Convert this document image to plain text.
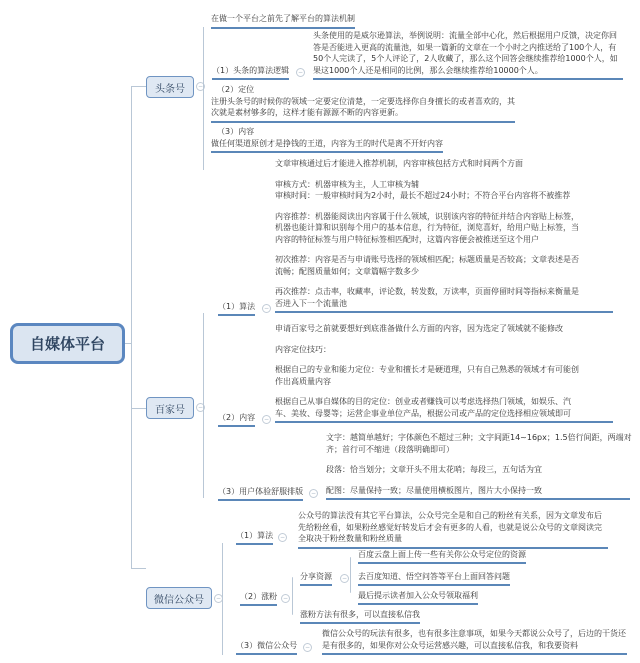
自媒体平台
在做一个平台之前先了解平台的算法机制
头条号	−
（1）头条的算法逻辑	−
头条使用的是威尔逊算法，举例说明：流量全部中心化，然后根据用户反馈，决定你回
答是否能进入更高的流量池，如果一篇新的文章在一个小时之内推送给了100个人，有
50个人完读了，5个人评论了，2人收藏了，那么这个回答会继续推荐给1000个人，如
果这1000个人还是相同的比例，那么会继续推荐给10000个人。
（2）定位
注册头条号的时候你的领域一定要定位清楚，一定要选择你自身擅长的或者喜欢的，其
次就是素材够多的，这样才能有源源不断的内容更新。
（3）内容
做任何渠道原创才是挣钱的王道，内容为王的时代是离不开好内容
百家号	−
（1）算法	−
文章审核通过后才能进入推荐机制，内容审核包括方式和时间两个方面
审核方式：机器审核为主，人工审核为辅
审核时间：一般审核时间为2小时，最长不超过24小时；不符合平台内容将不被推荐
内容推荐：机器能阅读出内容属于什么领域，识别该内容的特征并结合内容贴上标签，
机器也能计算和识别每个用户的基本信息，行为特征，浏览喜好，给用户贴上标签，当
内容的特征标签与用户特征标签相匹配时，这篇内容便会被推送至这个用户
初次推荐：内容是否与申请账号选择的领域相匹配；标题质量是否较高；文章表述是否
流畅；配图质量如何；文章篇幅字数多少
再次推荐：点击率，收藏率，评论数，转发数，万读率，页面停留时间等指标来衡量是
否进入下一个流量池
（2）内容	−
申请百家号之前就要想好到底准备做什么方面的内容，因为选定了领域就不能修改
内容定位技巧：
根据自己的专业和能力定位：专业和擅长才是硬道理，只有自己熟悉的领域才有可能创
作出高质量内容
根据自己从事自媒体的目的定位：创业或者赚钱可以考虑选择热门领域，如娱乐、汽
车、美妆、母婴等；运营企事业单位产品，根据公司或产品的定位选择相应领域即可
（3）用户体验舒服排版	−
文字：越简单越好；字体颜色不超过三种；文字间距14~16px；1.5倍行间距，两端对
齐；首行可不缩进（段落明确即可）
段落：恰当划分；文章开头不用太花哨；每段三，五句话为宜
配图：尽量保持一致；尽量使用横板图片，图片大小保持一致
微信公众号	−
（1）算法	−
公众号的算法没有其它平台算法，公众号完全是和自己的粉丝有关系，因为文章发布后
先给粉丝看，如果粉丝感觉好转发后才会有更多的人看，也就是说公众号的文章阅读完
全取决于粉丝数量和粉丝质量
（2）涨粉 −
分享资源	−
百度云盘上面上传一些有关你公众号定位的资源
去百度知道、悟空问答等平台上面回答问题
最后提示读者加入公众号领取福利
涨粉方法有很多，可以直接私信我
（3）微信公众号	−
微信公众号的玩法有很多，也有很多注意事项，如果今天都说公众号了，后边的干货还
是有很多的，如果你对公众号运营感兴趣，可以直接私信我，和我要资料
